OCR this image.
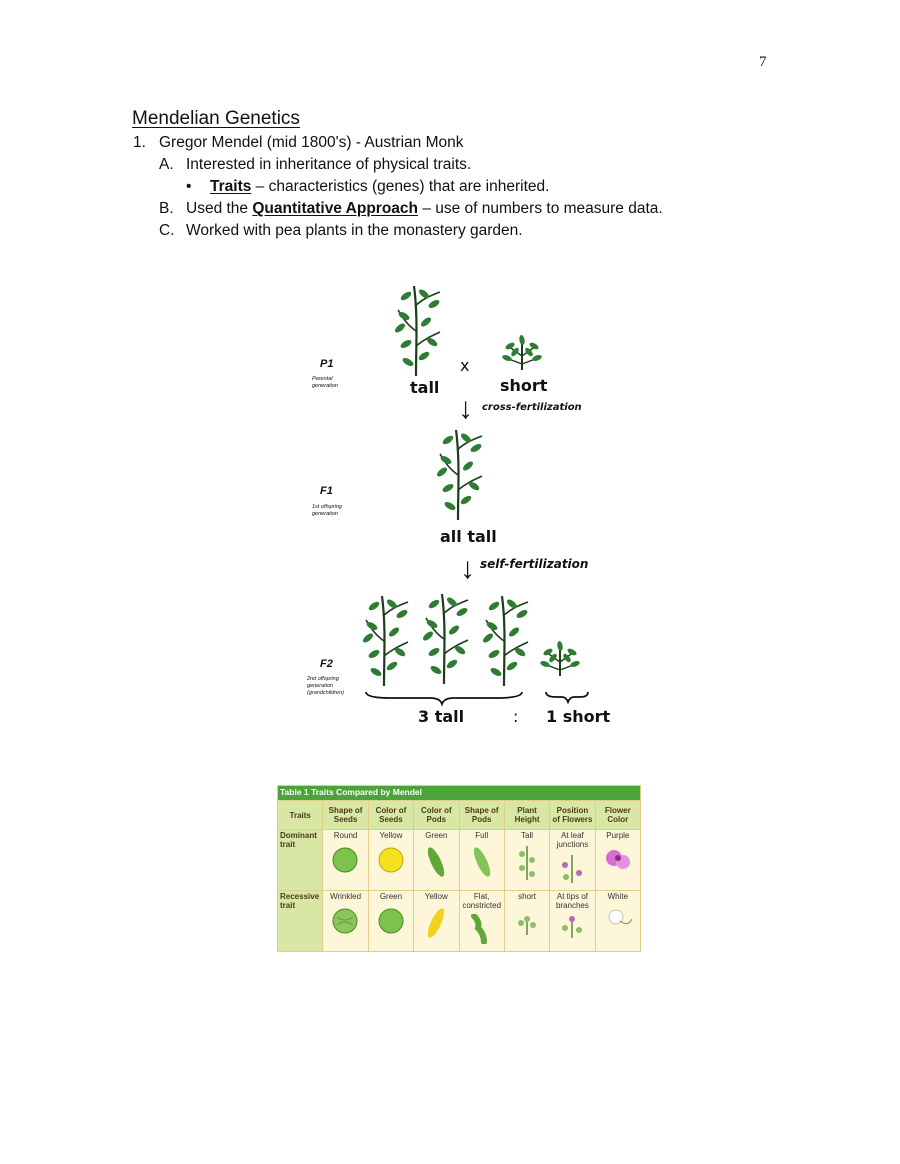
7
Mendelian Genetics
1. Gregor Mendel (mid 1800's) - Austrian Monk
A. Interested in inheritance of physical traits.
• Traits – characteristics (genes) that are inherited.
B. Used the Quantitative Approach – use of numbers to measure data.
C. Worked with pea plants in the monastery garden.
P1
Parental generation
x
tall	short
↓ cross-fertilization
F1
1st offspring generation
all tall
↓ self-fertilization
F2
2nd offspring generation (grandchildren)
3 tall	: 1 short
Table 1 Traits Compared by Mendel							
Traits	Shape of Seeds	Color of Seeds	Color of Pods	Shape of Pods	Plant Height	Position of Flowers	Flower Color
Dominant trait	Round	Yellow	Green	Full	Tall	At leaf junctions	Purple

Recessive trait	Wrinkled	Green	Yellow	Flat, constricted	short	At tips of branches	White
